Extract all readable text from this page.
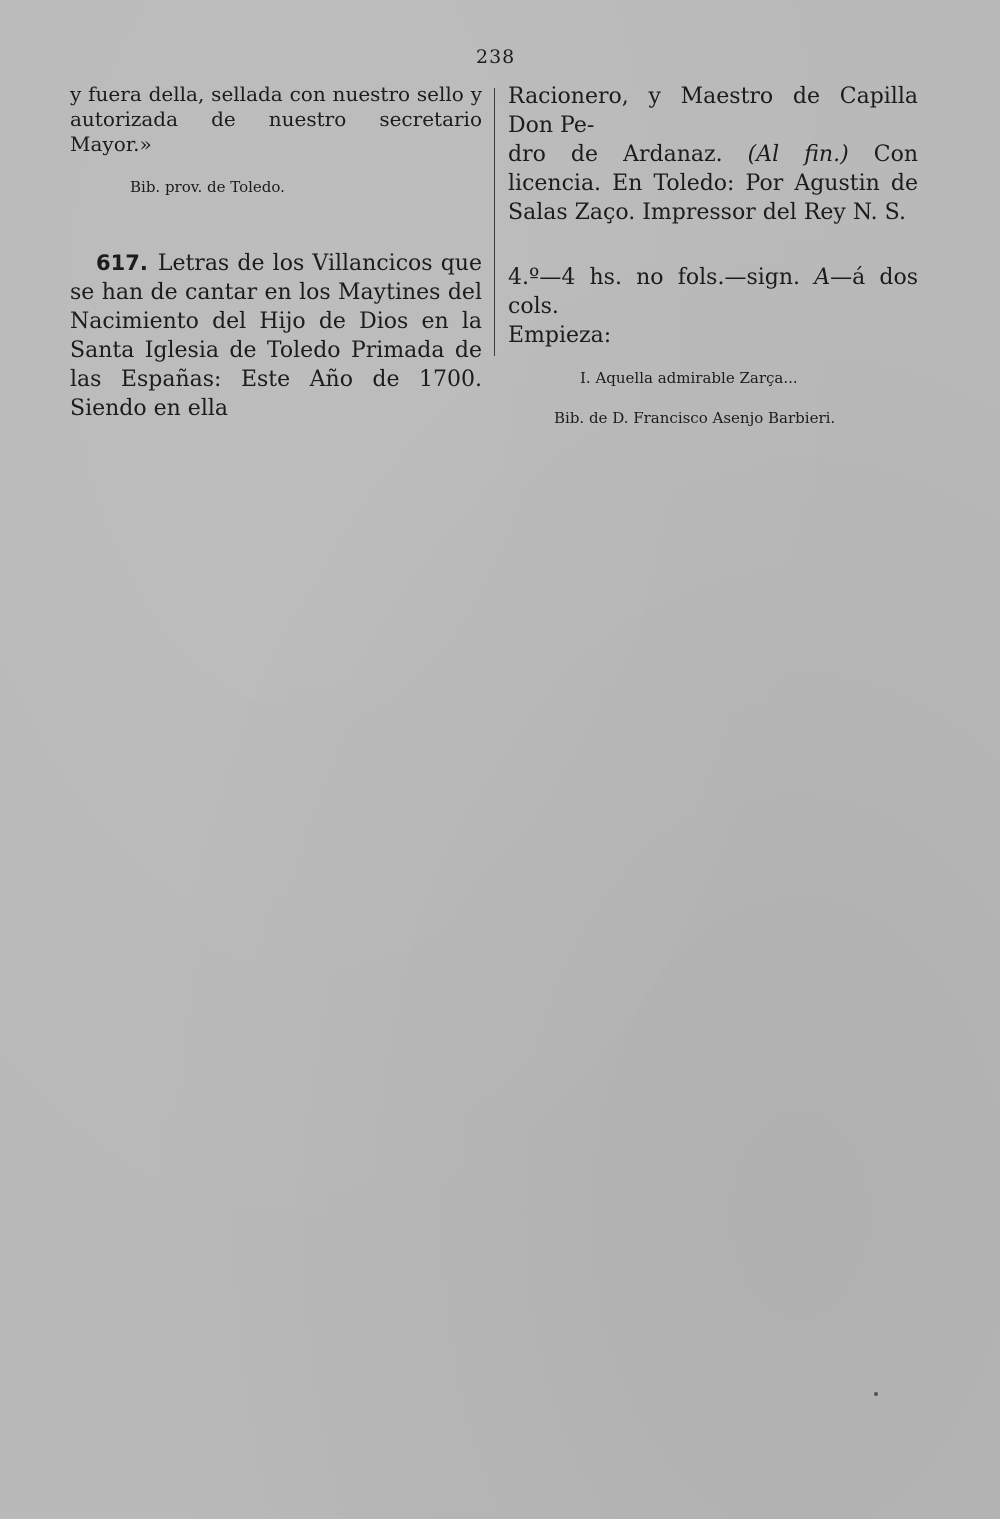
238

y fuera della, sellada con nuestro sello y autorizada de nuestro secretario Mayor.»

Bib. prov. de Toledo.

617. Letras de los Villancicos que se han de cantar en los Maytines del Nacimiento del Hijo de Dios en la Santa Iglesia de Toledo Primada de las Españas: Este Año de 1700. Siendo en ella

Racionero, y Maestro de Capilla Don Pe-
dro de Ardanaz. (Al fin.) Con licencia. En Toledo: Por Agustin de Salas Zaço. Impressor del Rey N. S.

4.º—4 hs. no fols.—sign. A—á dos cols.
Empieza:

I. Aquella admirable Zarça...

Bib. de D. Francisco Asenjo Barbieri.
